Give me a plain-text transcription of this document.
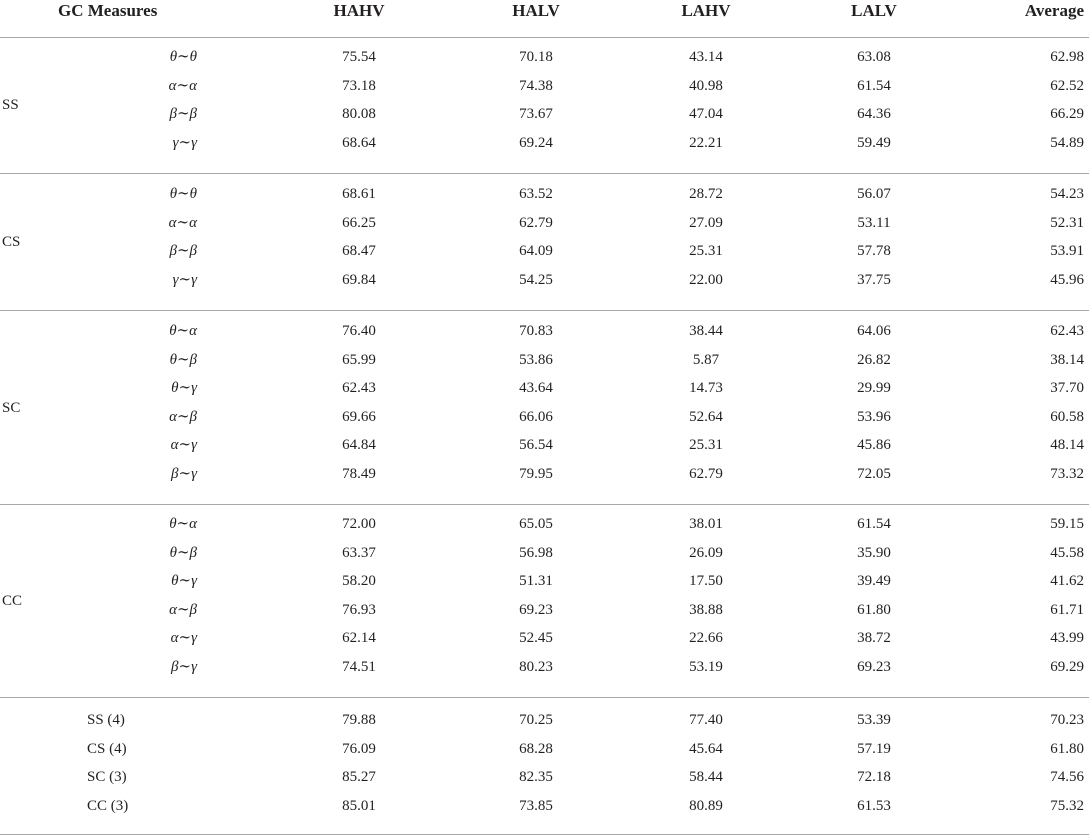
GC Measures	HAHV	HALV	LAHV	LALV	Average
SS
θ∼θ	75.54	70.18	43.14	63.08	62.98
α∼α	73.18	74.38	40.98	61.54	62.52
β∼β	80.08	73.67	47.04	64.36	66.29
γ∼γ	68.64	69.24	22.21	59.49	54.89
CS
θ∼θ	68.61	63.52	28.72	56.07	54.23
α∼α	66.25	62.79	27.09	53.11	52.31
β∼β	68.47	64.09	25.31	57.78	53.91
γ∼γ	69.84	54.25	22.00	37.75	45.96
SC
θ∼α	76.40	70.83	38.44	64.06	62.43
θ∼β	65.99	53.86	5.87	26.82	38.14
θ∼γ	62.43	43.64	14.73	29.99	37.70
α∼β	69.66	66.06	52.64	53.96	60.58
α∼γ	64.84	56.54	25.31	45.86	48.14
β∼γ	78.49	79.95	62.79	72.05	73.32
CC
θ∼α	72.00	65.05	38.01	61.54	59.15
θ∼β	63.37	56.98	26.09	35.90	45.58
θ∼γ	58.20	51.31	17.50	39.49	41.62
α∼β	76.93	69.23	38.88	61.80	61.71
α∼γ	62.14	52.45	22.66	38.72	43.99
β∼γ	74.51	80.23	53.19	69.23	69.29
SS (4)	79.88	70.25	77.40	53.39	70.23
CS (4)	76.09	68.28	45.64	57.19	61.80
SC (3)	85.27	82.35	58.44	72.18	74.56
CC (3)	85.01	73.85	80.89	61.53	75.32
